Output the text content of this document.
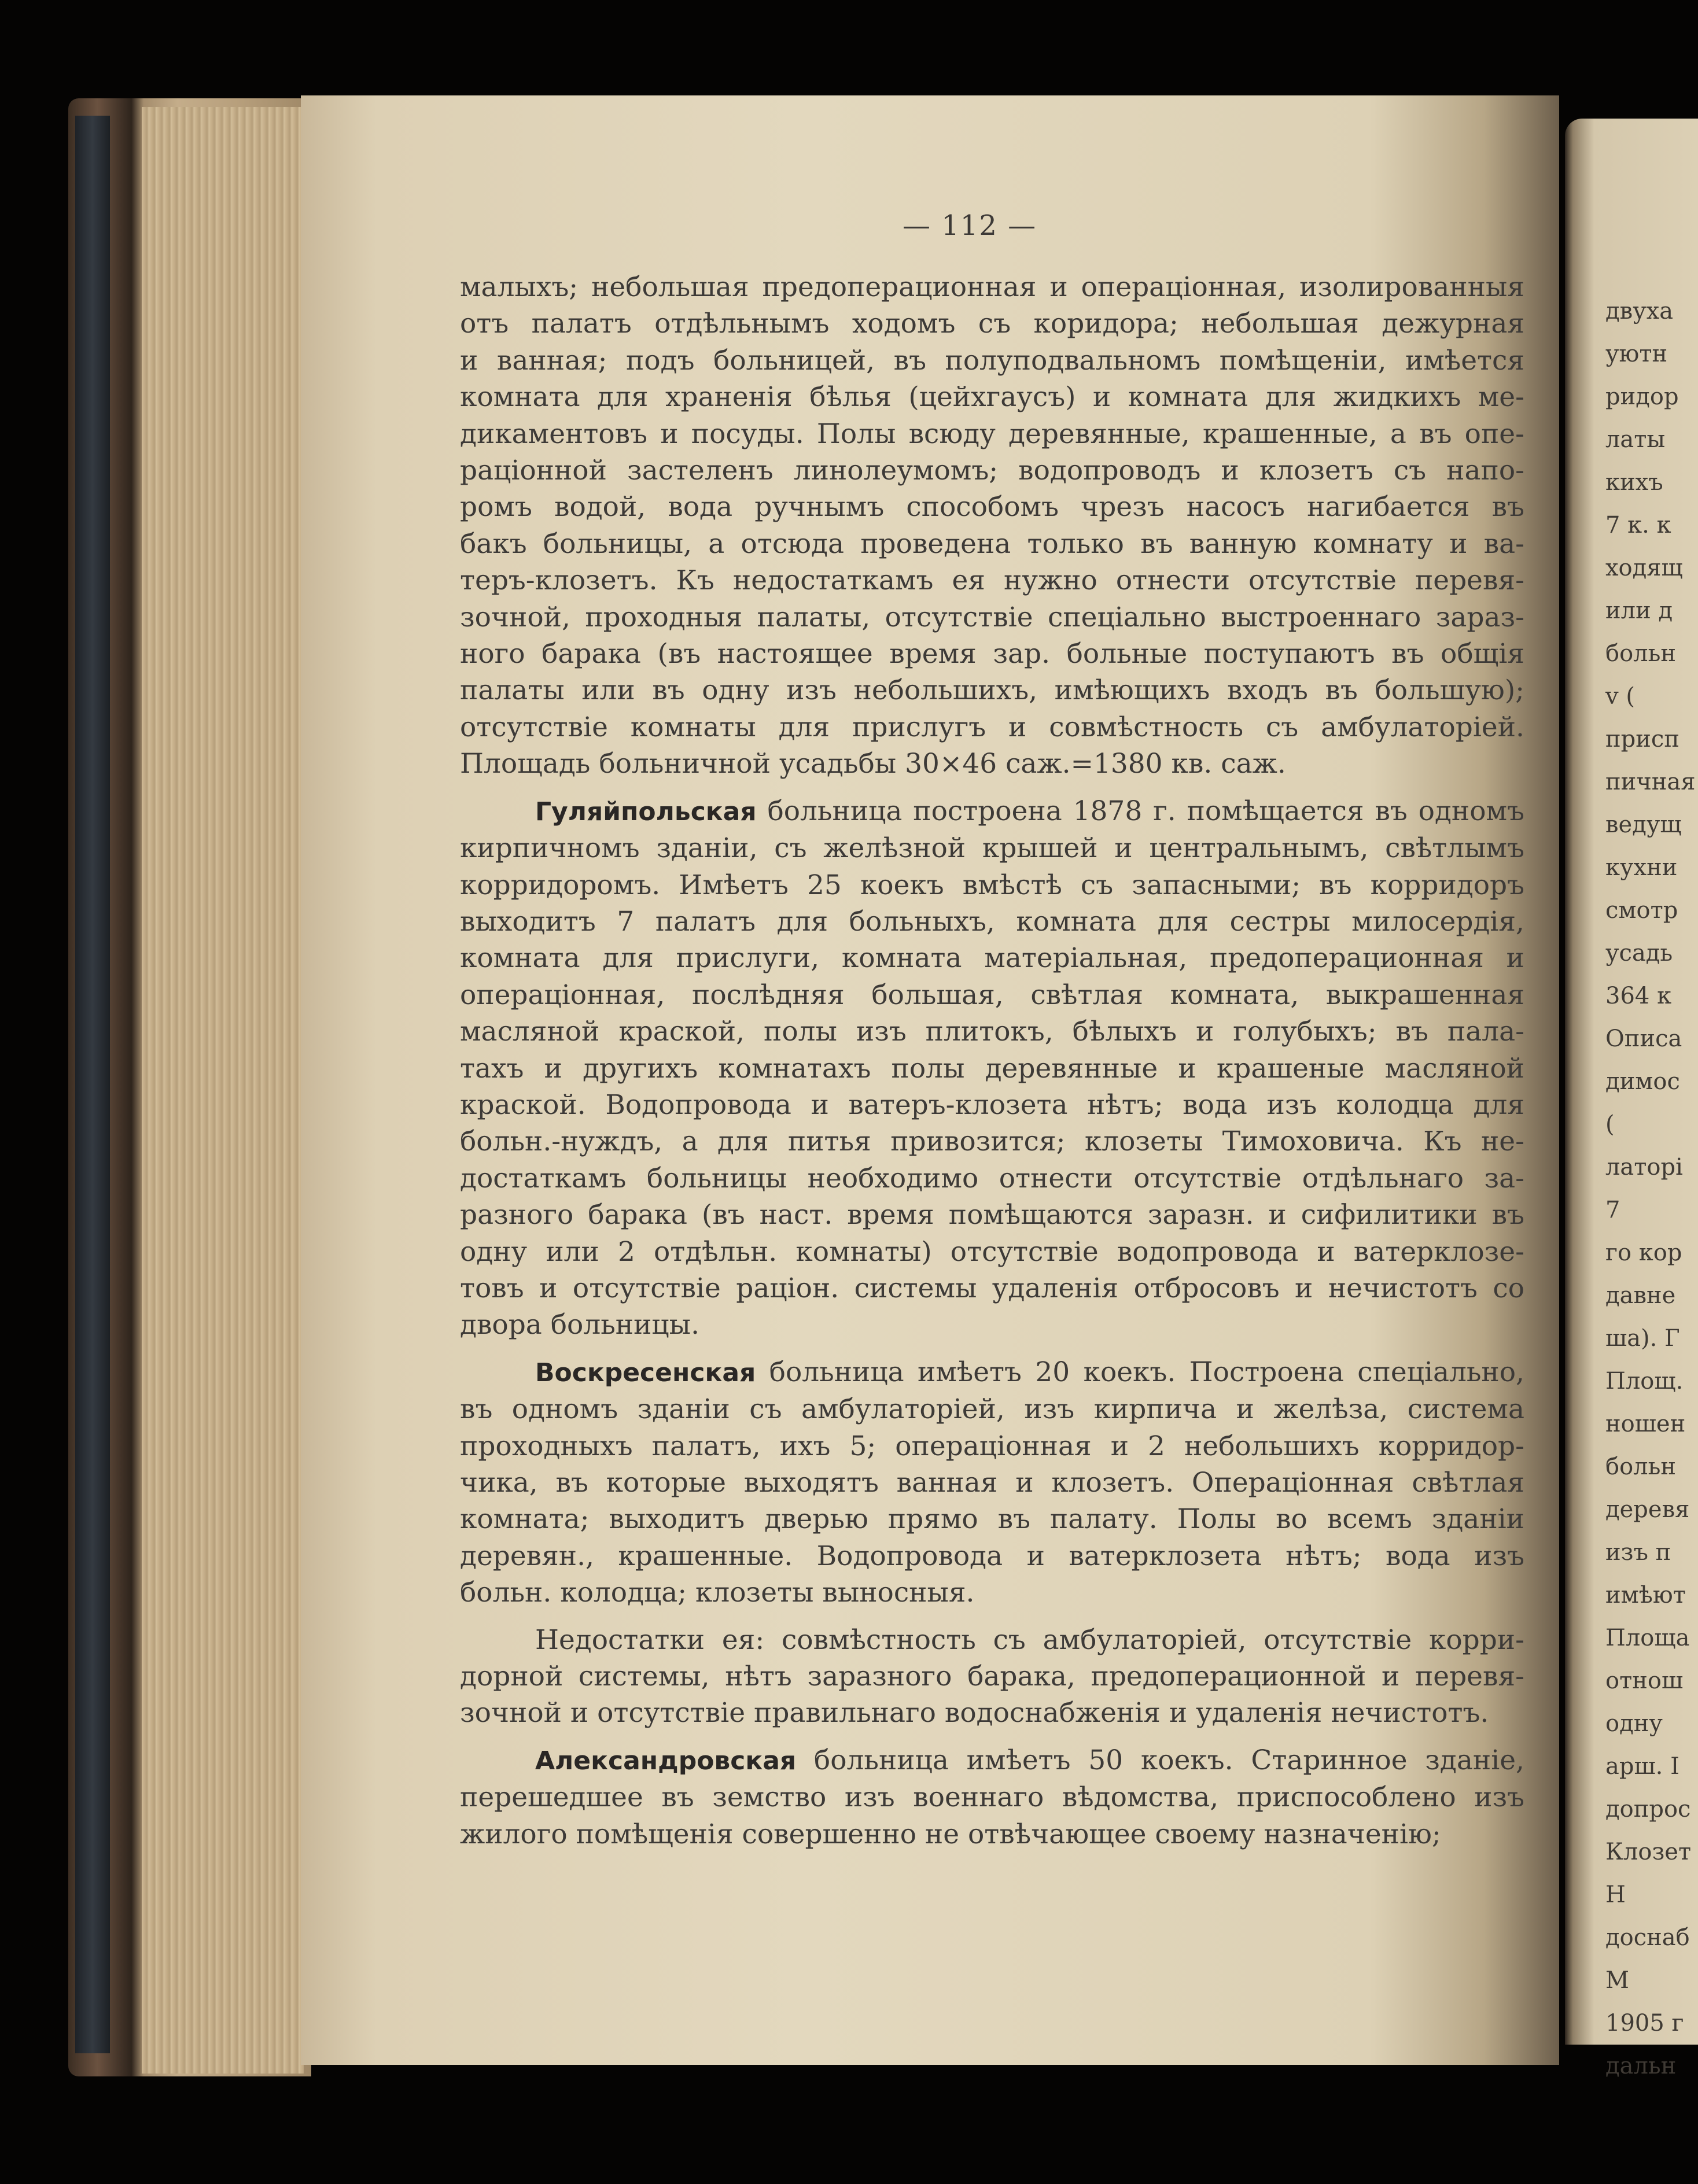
— 112 —
малыхъ; небольшая предоперационная и операціонная, изолированныя
отъ палатъ отдѣльнымъ ходомъ съ коридора; небольшая дежурная
и ванная; подъ больницей, въ полуподвальномъ помѣщеніи, имѣется
комната для храненія бѣлья (цейхгаусъ) и комната для жидкихъ ме-
дикаментовъ и посуды. Полы всюду деревянные, крашенные, а въ опе-
раціонной застеленъ линолеумомъ; водопроводъ и клозетъ съ напо-
ромъ водой, вода ручнымъ способомъ чрезъ насосъ нагибается въ
бакъ больницы, а отсюда проведена только въ ванную комнату и ва-
теръ-клозетъ. Къ недостаткамъ ея нужно отнести отсутствіе перевя-
зочной, проходныя палаты, отсутствіе спеціально выстроеннаго зараз-
ного барака (въ настоящее время зар. больные поступаютъ въ общія
палаты или въ одну изъ небольшихъ, имѣющихъ входъ въ большую);
отсутствіе комнаты для прислугъ и совмѣстность съ амбулаторіей.
Площадь больничной усадьбы 30×46 саж.=1380 кв. саж.
Гуляйпольская больница построена 1878 г. помѣщается въ одномъ
кирпичномъ зданіи, съ желѣзной крышей и центральнымъ, свѣтлымъ
корридоромъ. Имѣетъ 25 коекъ вмѣстѣ съ запасными; въ корридоръ
выходитъ 7 палатъ для больныхъ, комната для сестры милосердія,
комната для прислуги, комната матеріальная, предоперационная и
операціонная, послѣдняя большая, свѣтлая комната, выкрашенная
масляной краской, полы изъ плитокъ, бѣлыхъ и голубыхъ; въ пала-
тахъ и другихъ комнатахъ полы деревянные и крашеные масляной
краской. Водопровода и ватеръ-клозета нѣтъ; вода изъ колодца для
больн.-нуждъ, а для питья привозится; клозеты Тимоховича. Къ не-
достаткамъ больницы необходимо отнести отсутствіе отдѣльнаго за-
разного барака (въ наст. время помѣщаются заразн. и сифилитики въ
одну или 2 отдѣльн. комнаты) отсутствіе водопровода и ватерклозе-
товъ и отсутствіе раціон. системы удаленія отбросовъ и нечистотъ со
двора больницы.
Воскресенская больница имѣетъ 20 коекъ. Построена спеціально,
въ одномъ зданіи съ амбулаторіей, изъ кирпича и желѣза, система
проходныхъ палатъ, ихъ 5; операціонная и 2 небольшихъ корридор-
чика, въ которые выходятъ ванная и клозетъ. Операціонная свѣтлая
комната; выходитъ дверью прямо въ палату. Полы во всемъ зданіи
деревян., крашенные. Водопровода и ватерклозета нѣтъ; вода изъ
больн. колодца; клозеты выносныя.
Недостатки ея: совмѣстность съ амбулаторіей, отсутствіе корри-
дорной системы, нѣтъ заразного барака, предоперационной и перевя-
зочной и отсутствіе правильнаго водоснабженія и удаленія нечистотъ.
Александровская больница имѣетъ 50 коекъ. Старинное зданіе,
перешедшее въ земство изъ военнаго вѣдомства, приспособлено изъ
жилого помѣщенія совершенно не отвѣчающее своему назначенію;
двуха
уютн
ридор
латы
кихъ
7 к. к
ходящ
или д
больн
v (
присп
пичная
ведущ
кухни
смотр
усадь
364 к
Описа
димос
(
латорі
7
го кор
давне
ша). Г
Площ.
ношен
больн
деревя
изъ п
имѣют
Площа
отнош
одну
арш. І
допрос
Клозет
Н
доснаб
М
1905 г
дальн
